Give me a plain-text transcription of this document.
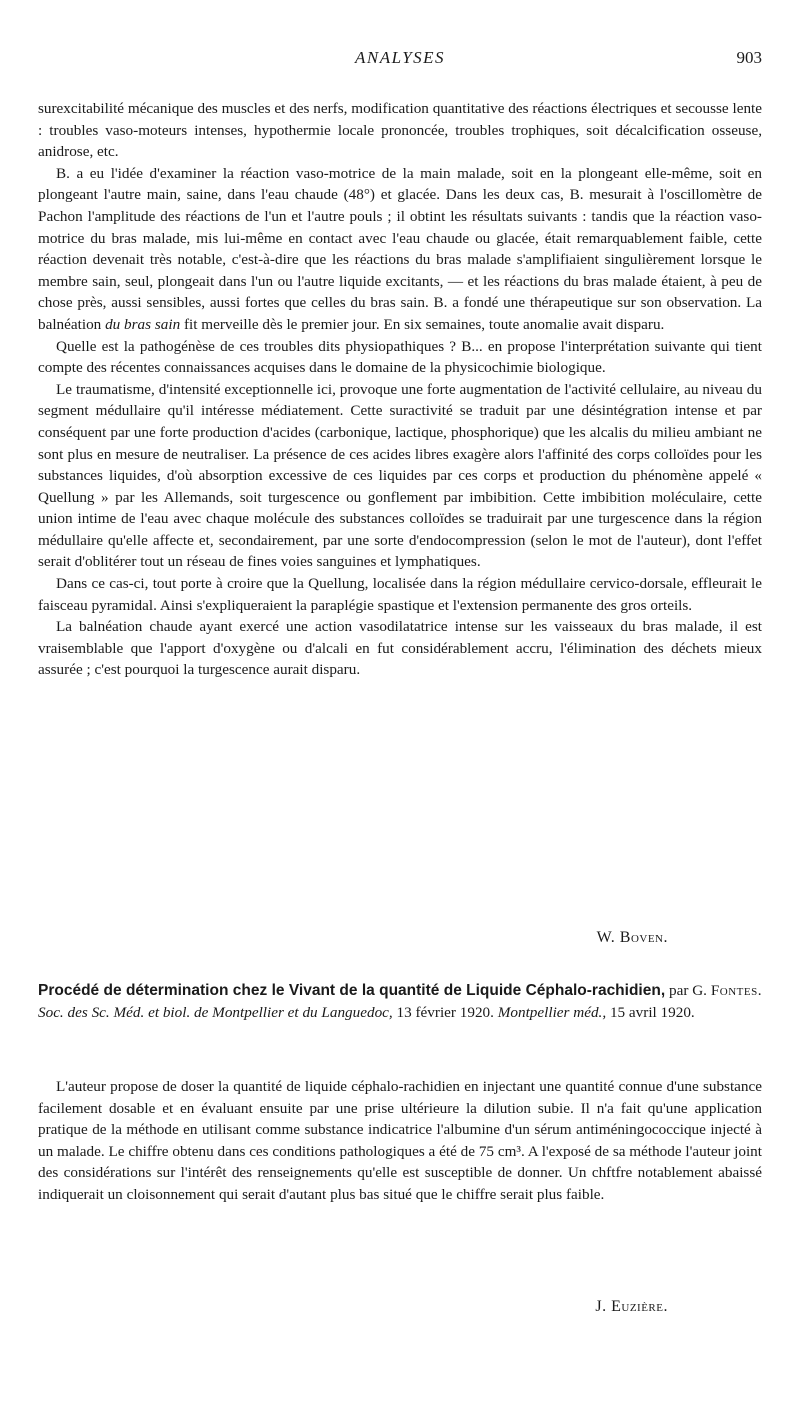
ANALYSES	903

surexcitabilité mécanique des muscles et des nerfs, modification quantitative des réactions électriques et secousse lente : troubles vaso-moteurs intenses, hypothermie locale prononcée, troubles trophiques, soit décalcification osseuse, anidrose, etc.

B. a eu l'idée d'examiner la réaction vaso-motrice de la main malade, soit en la plongeant elle-même, soit en plongeant l'autre main, saine, dans l'eau chaude (48°) et glacée. Dans les deux cas, B. mesurait à l'oscillomètre de Pachon l'amplitude des réactions de l'un et l'autre pouls ; il obtint les résultats suivants : tandis que la réaction vaso-motrice du bras malade, mis lui-même en contact avec l'eau chaude ou glacée, était remarquablement faible, cette réaction devenait très notable, c'est-à-dire que les réactions du bras malade s'amplifiaient singulièrement lorsque le membre sain, seul, plongeait dans l'un ou l'autre liquide excitants, — et les réactions du bras malade étaient, à peu de chose près, aussi sensibles, aussi fortes que celles du bras sain. B. a fondé une thérapeutique sur son observation. La balnéation du bras sain fit merveille dès le premier jour. En six semaines, toute anomalie avait disparu.

Quelle est la pathogénèse de ces troubles dits physiopathiques ? B... en propose l'interprétation suivante qui tient compte des récentes connaissances acquises dans le domaine de la physicochimie biologique.

Le traumatisme, d'intensité exceptionnelle ici, provoque une forte augmentation de l'activité cellulaire, au niveau du segment médullaire qu'il intéresse médiatement. Cette suractivité se traduit par une désintégration intense et par conséquent par une forte production d'acides (carbonique, lactique, phosphorique) que les alcalis du milieu ambiant ne sont plus en mesure de neutraliser. La présence de ces acides libres exagère alors l'affinité des corps colloïdes pour les substances liquides, d'où absorption excessive de ces liquides par ces corps et production du phénomène appelé « Quellung » par les Allemands, soit turgescence ou gonflement par imbibition. Cette imbibition moléculaire, cette union intime de l'eau avec chaque molécule des substances colloïdes se traduirait par une turgescence dans la région médullaire qu'elle affecte et, secondairement, par une sorte d'endocompression (selon le mot de l'auteur), dont l'effet serait d'oblitérer tout un réseau de fines voies sanguines et lymphatiques.

Dans ce cas-ci, tout porte à croire que la Quellung, localisée dans la région médullaire cervico-dorsale, effleurait le faisceau pyramidal. Ainsi s'expliqueraient la paraplégie spastique et l'extension permanente des gros orteils.

La balnéation chaude ayant exercé une action vasodilatatrice intense sur les vaisseaux du bras malade, il est vraisemblable que l'apport d'oxygène ou d'alcali en fut considérablement accru, l'élimination des déchets mieux assurée ; c'est pourquoi la turgescence aurait disparu.

W. Boven.
Procédé de détermination chez le Vivant de la quantité de Liquide Céphalo-rachidien, par G. Fontes. Soc. des Sc. Méd. et biol. de Montpellier et du Languedoc, 13 février 1920. Montpellier méd., 15 avril 1920.

L'auteur propose de doser la quantité de liquide céphalo-rachidien en injectant une quantité connue d'une substance facilement dosable et en évaluant ensuite par une prise ultérieure la dilution subie. Il n'a fait qu'une application pratique de la méthode en utilisant comme substance indicatrice l'albumine d'un sérum antiméningococcique injecté à un malade. Le chiffre obtenu dans ces conditions pathologiques a été de 75 cm³. A l'exposé de sa méthode l'auteur joint des considérations sur l'intérêt des renseignements qu'elle est susceptible de donner. Un chftfre notablement abaissé indiquerait un cloisonnement qui serait d'autant plus bas situé que le chiffre serait plus faible.

J. Euzière.
